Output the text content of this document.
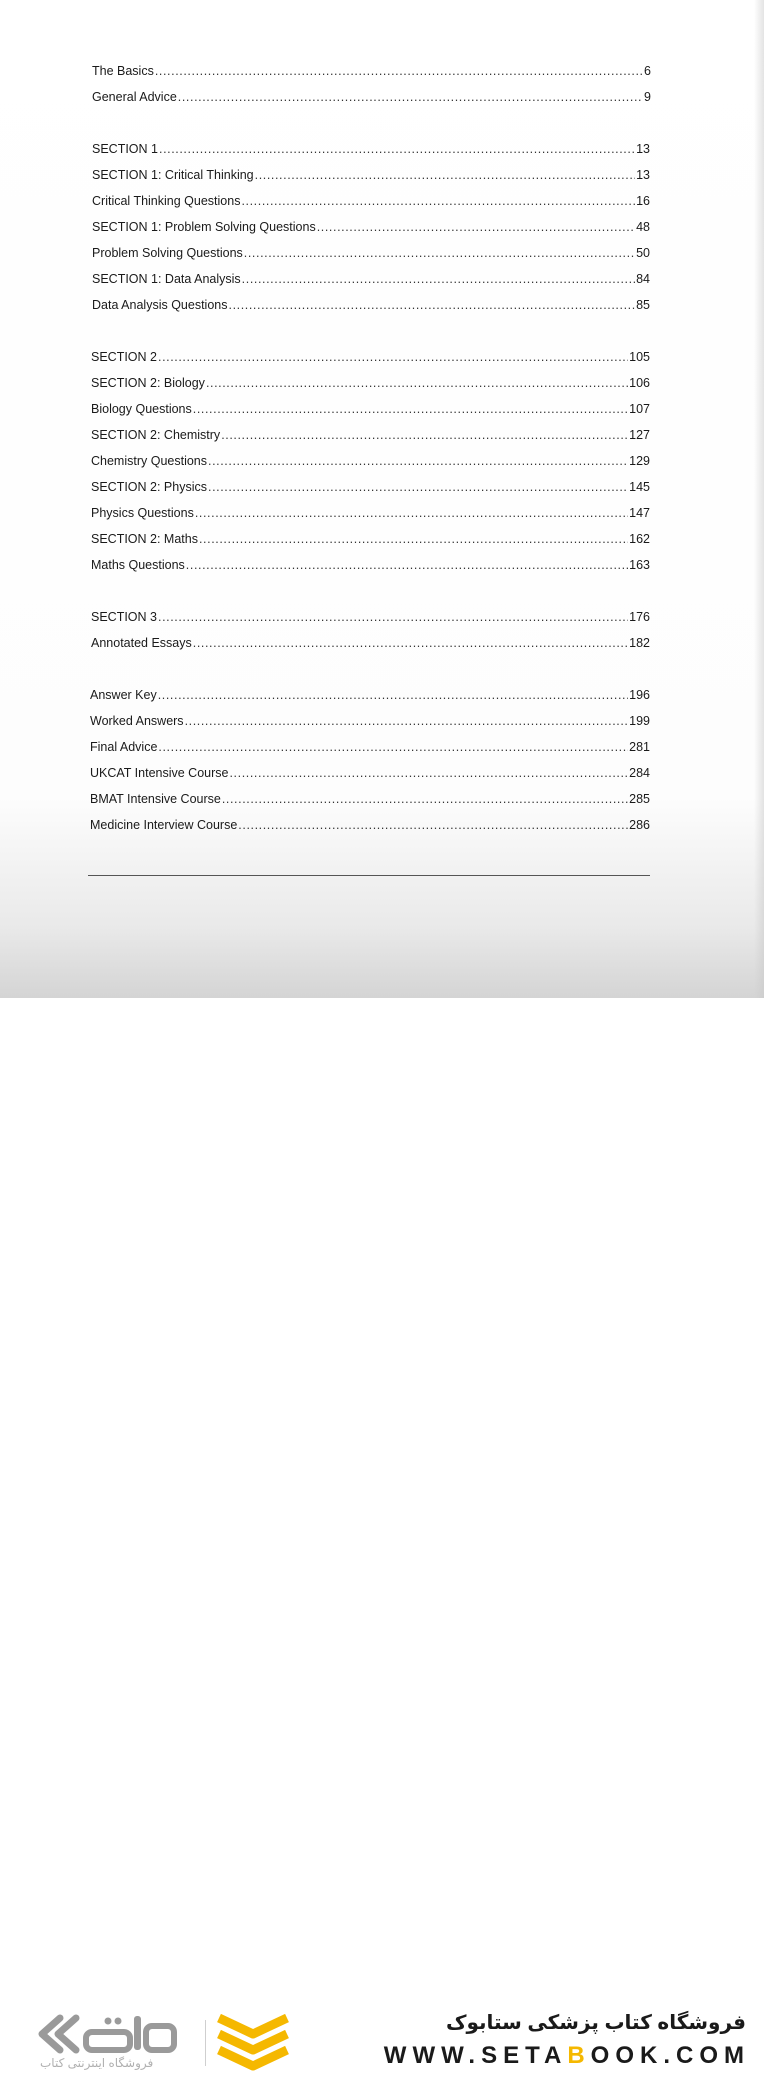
The Basics .....	6
General Advice .....	9
SECTION 1 .....	13
SECTION 1: Critical Thinking .....	13
Critical Thinking Questions .....	16
SECTION 1: Problem Solving Questions .....	48
Problem Solving Questions .....	50
SECTION 1: Data Analysis .....	84
Data Analysis Questions .....	85
SECTION 2 .....	105
SECTION 2: Biology .....	106
Biology Questions .....	107
SECTION 2: Chemistry .....	127
Chemistry Questions .....	129
SECTION 2: Physics .....	145
Physics Questions .....	147
SECTION 2: Maths .....	162
Maths Questions .....	163
SECTION 3 .....	176
Annotated Essays .....	182
Answer Key .....	196
Worked Answers .....	199
Final Advice .....	281
UKCAT Intensive Course .....	284
BMAT Intensive Course .....	285
Medicine Interview Course .....	286
فروشگاه اینترنتی کتاب
فروشگاه کتاب پزشکی ستابوک
WWW.SETABOOK.COM
